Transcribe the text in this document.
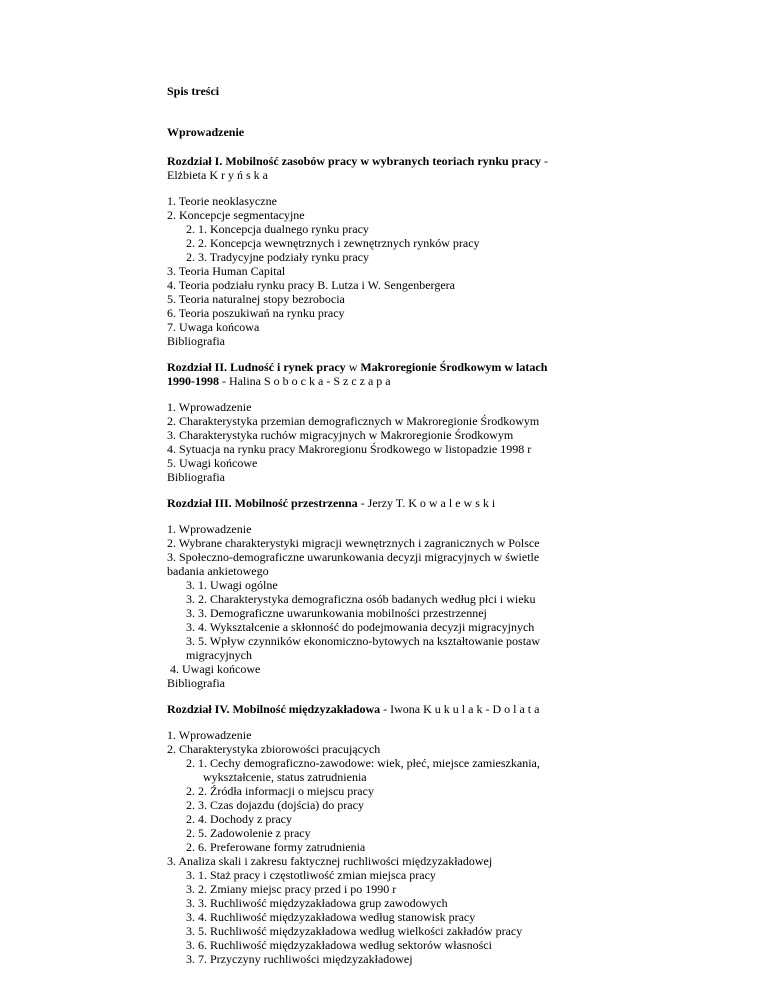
Spis treści
Wprowadzenie
Rozdział I. Mobilność zasobów pracy w wybranych teoriach rynku pracy -
Elżbieta Kryńska
1. Teorie neoklasyczne
2. Koncepcje segmentacyjne
2. 1. Koncepcja dualnego rynku pracy
2. 2. Koncepcja wewnętrznych i zewnętrznych rynków pracy
2. 3. Tradycyjne podziały rynku pracy
3. Teoria Human Capital
4. Teoria podziału rynku pracy B. Lutza i W. Sengenbergera
5. Teoria naturalnej stopy bezrobocia
6. Teoria poszukiwań na rynku pracy
7. Uwaga końcowa
Bibliografia
Rozdział II. Ludność i rynek pracy w Makroregionie Środkowym w latach
1990-1998 - Halina Sobocka-Szczapa
1. Wprowadzenie
2. Charakterystyka przemian demograficznych w Makroregionie Środkowym
3. Charakterystyka ruchów migracyjnych w Makroregionie Środkowym
4. Sytuacja na rynku pracy Makroregionu Środkowego w listopadzie 1998 r
5. Uwagi końcowe
Bibliografia
Rozdział III. Mobilność przestrzenna - Jerzy T. Kowalewski
1. Wprowadzenie
2. Wybrane charakterystyki migracji wewnętrznych i zagranicznych w Polsce
3. Społeczno-demograficzne uwarunkowania decyzji migracyjnych w świetle
badania ankietowego
3. 1. Uwagi ogólne
3. 2. Charakterystyka demograficzna osób badanych według płci i wieku
3. 3. Demograficzne uwarunkowania mobilności przestrzennej
3. 4. Wykształcenie a skłonność do podejmowania decyzji migracyjnych
3. 5. Wpływ czynników ekonomiczno-bytowych na kształtowanie postaw
migracyjnych
4. Uwagi końcowe
Bibliografia
Rozdział IV. Mobilność międzyzakładowa - Iwona Kukulak-Dolata
1. Wprowadzenie
2. Charakterystyka zbiorowości pracujących
2. 1. Cechy demograficzno-zawodowe: wiek, płeć, miejsce zamieszkania,
wykształcenie, status zatrudnienia
2. 2. Źródła informacji o miejscu pracy
2. 3. Czas dojazdu (dojścia) do pracy
2. 4. Dochody z pracy
2. 5. Zadowolenie z pracy
2. 6. Preferowane formy zatrudnienia
3. Analiza skali i zakresu faktycznej ruchliwości międzyzakładowej
3. 1. Staż pracy i częstotliwość zmian miejsca pracy
3. 2. Zmiany miejsc pracy przed i po 1990 r
3. 3. Ruchliwość międzyzakładowa grup zawodowych
3. 4. Ruchliwość międzyzakładowa według stanowisk pracy
3. 5. Ruchliwość międzyzakładowa według wielkości zakładów pracy
3. 6. Ruchliwość międzyzakładowa według sektorów własności
3. 7. Przyczyny ruchliwości międzyzakładowej
